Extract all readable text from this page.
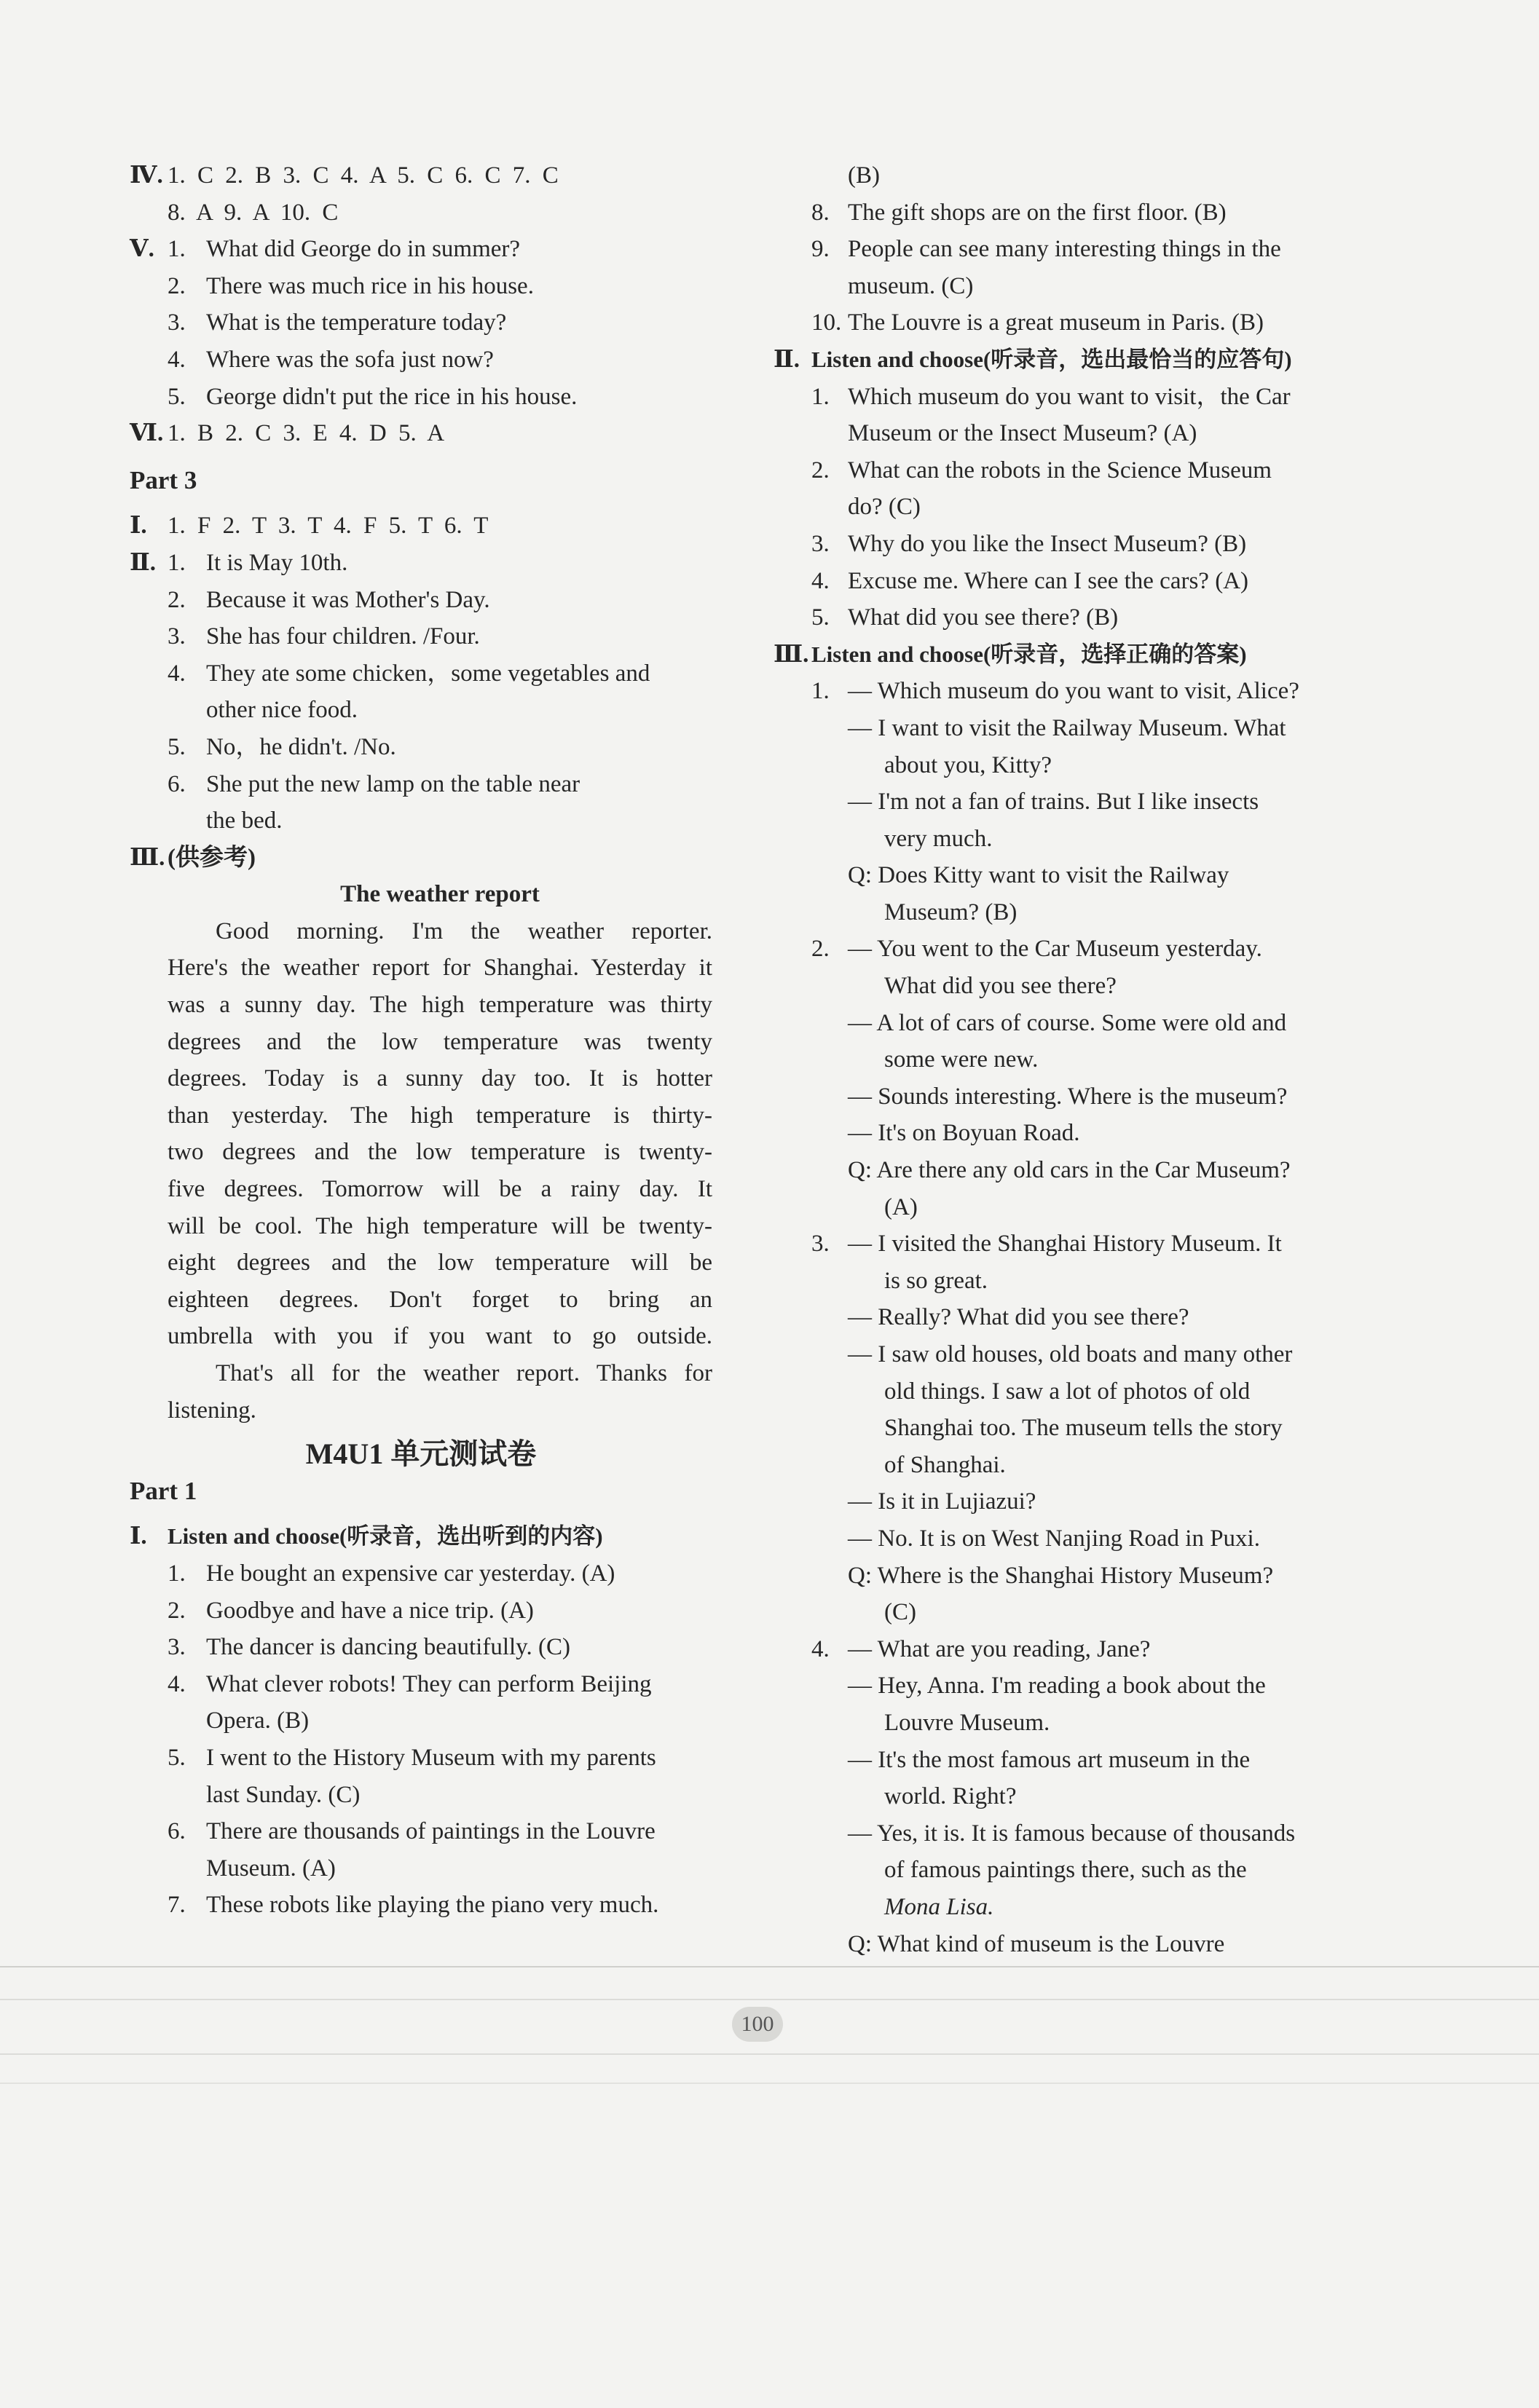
Ⅳ. 1. C 2. B 3. C 4. A 5. C 6. C 7. C
8. A 9. A 10. C
Ⅴ. 1. What did George do in summer?
2. There was much rice in his house.
3. What is the temperature today?
4. Where was the sofa just now?
5. George didn't put the rice in his house.
Ⅵ. 1. B 2. C 3. E 4. D 5. A
Part 3
Ⅰ. 1. F 2. T 3. T 4. F 5. T 6. T
Ⅱ. 1. It is May 10th.
2. Because it was Mother's Day.
3. She has four children. /Four.
4. They ate some chicken，some vegetables and
other nice food.
5. No，he didn't. /No.
6. She put the new lamp on the table near
the bed.
Ⅲ. (供参考)
The weather report
Good morning. I'm the weather reporter.
Here's the weather report for Shanghai. Yesterday it
was a sunny day. The high temperature was thirty
degrees and the low temperature was twenty
degrees. Today is a sunny day too. It is hotter
than yesterday. The high temperature is thirty-
two degrees and the low temperature is twenty-
five degrees. Tomorrow will be a rainy day. It
will be cool. The high temperature will be twenty-
eight degrees and the low temperature will be
eighteen degrees. Don't forget to bring an
umbrella with you if you want to go outside.
That's all for the weather report. Thanks for
listening.
M4U1 单元测试卷
Part 1
Ⅰ. Listen and choose(听录音，选出听到的内容)
1. He bought an expensive car yesterday. (A)
2. Goodbye and have a nice trip. (A)
3. The dancer is dancing beautifully. (C)
4. What clever robots! They can perform Beijing
Opera. (B)
5. I went to the History Museum with my parents
last Sunday. (C)
6. There are thousands of paintings in the Louvre
Museum. (A)
7. These robots like playing the piano very much.
(B)
8. The gift shops are on the first floor. (B)
9. People can see many interesting things in the
museum. (C)
10. The Louvre is a great museum in Paris. (B)
Ⅱ. Listen and choose(听录音，选出最恰当的应答句)
1. Which museum do you want to visit，the Car
Museum or the Insect Museum? (A)
2. What can the robots in the Science Museum
do? (C)
3. Why do you like the Insect Museum? (B)
4. Excuse me. Where can I see the cars? (A)
5. What did you see there? (B)
Ⅲ. Listen and choose(听录音，选择正确的答案)
1. — Which museum do you want to visit, Alice?
— I want to visit the Railway Museum. What
about you, Kitty?
— I'm not a fan of trains. But I like insects
very much.
Q: Does Kitty want to visit the Railway
Museum? (B)
2. — You went to the Car Museum yesterday.
What did you see there?
— A lot of cars of course. Some were old and
some were new.
— Sounds interesting. Where is the museum?
— It's on Boyuan Road.
Q: Are there any old cars in the Car Museum?
(A)
3. — I visited the Shanghai History Museum. It
is so great.
— Really? What did you see there?
— I saw old houses, old boats and many other
old things. I saw a lot of photos of old
Shanghai too. The museum tells the story
of Shanghai.
— Is it in Lujiazui?
— No. It is on West Nanjing Road in Puxi.
Q: Where is the Shanghai History Museum?
(C)
4. — What are you reading, Jane?
— Hey, Anna. I'm reading a book about the
Louvre Museum.
— It's the most famous art museum in the
world. Right?
— Yes, it is. It is famous because of thousands
of famous paintings there, such as the
Mona Lisa.
Q: What kind of museum is the Louvre
100
